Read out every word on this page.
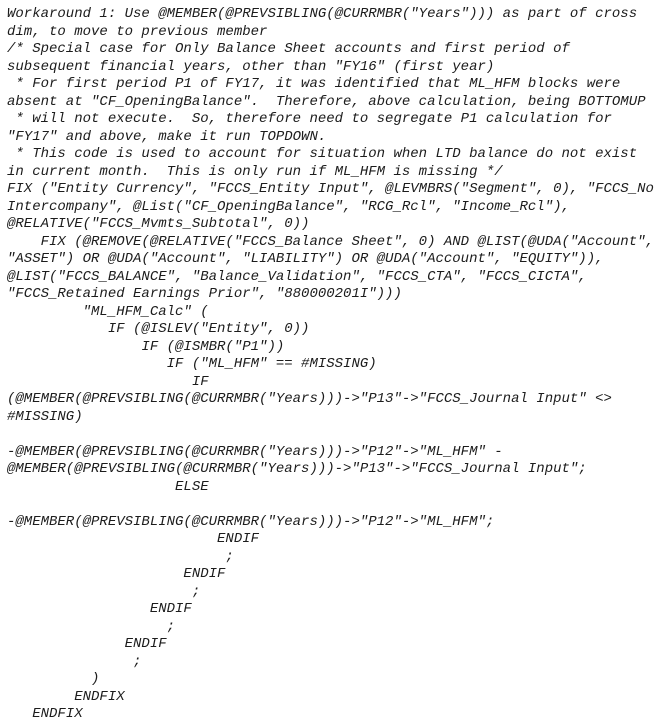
Workaround 1: Use @MEMBER(@PREVSIBLING(@CURRMBR("Years"))) as part of cross
dim, to move to previous member
/* Special case for Only Balance Sheet accounts and first period of
subsequent financial years, other than "FY16" (first year)
* For first period P1 of FY17, it was identified that ML_HFM blocks were
absent at "CF_OpeningBalance".  Therefore, above calculation, being BOTTOMUP
* will not execute.  So, therefore need to segregate P1 calculation for
"FY17" and above, make it run TOPDOWN.
* This code is used to account for situation when LTD balance do not exist
in current month.  This is only run if ML_HFM is missing */
FIX ("Entity Currency", "FCCS_Entity Input", @LEVMBRS("Segment", 0), "FCCS_No
Intercompany", @List("CF_OpeningBalance", "RCG_Rcl", "Income_Rcl"),
@RELATIVE("FCCS_Mvmts_Subtotal", 0))
FIX (@REMOVE(@RELATIVE("FCCS_Balance Sheet", 0) AND @LIST(@UDA("Account",
"ASSET") OR @UDA("Account", "LIABILITY") OR @UDA("Account", "EQUITY")),
@LIST("FCCS_BALANCE", "Balance_Validation", "FCCS_CTA", "FCCS_CICTA",
"FCCS_Retained Earnings Prior", "880000201I")))
"ML_HFM_Calc" (
IF (@ISLEV("Entity", 0))
IF (@ISMBR("P1"))
IF ("ML_HFM" == #MISSING)
IF
(@MEMBER(@PREVSIBLING(@CURRMBR("Years)))->"P13"->"FCCS_Journal Input" <>
#MISSING)
-@MEMBER(@PREVSIBLING(@CURRMBR("Years)))->"P12"->"ML_HFM" -
@MEMBER(@PREVSIBLING(@CURRMBR("Years)))->"P13"->"FCCS_Journal Input";
ELSE
-@MEMBER(@PREVSIBLING(@CURRMBR("Years)))->"P12"->"ML_HFM";
ENDIF
;
ENDIF
;
ENDIF
;
ENDIF
;
)
ENDFIX
ENDFIX
